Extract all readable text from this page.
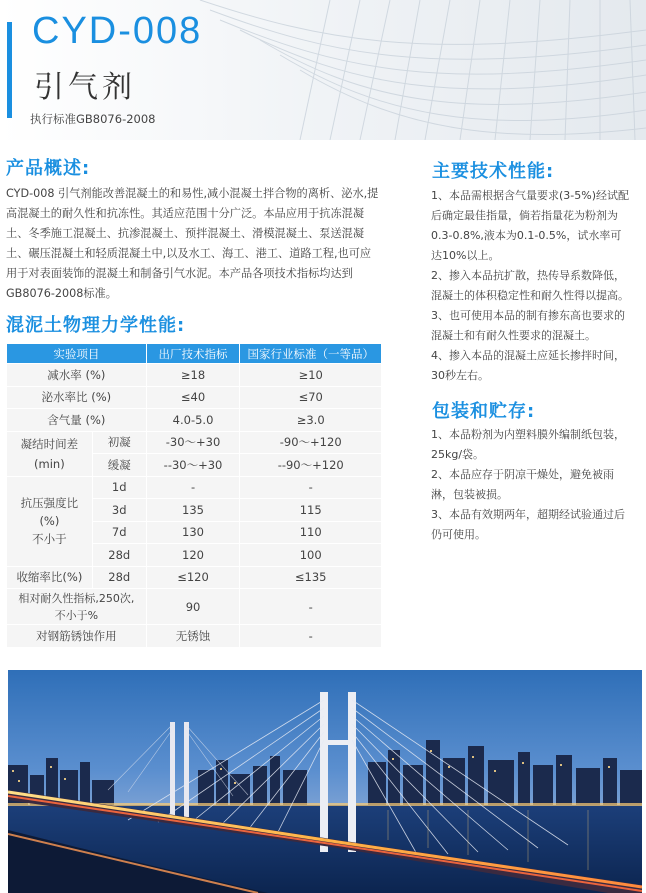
CYD-008
引气剂
执行标准GB8076-2008
产品概述:
CYD-008 引气剂能改善混凝土的和易性,减小混凝土拌合物的离析、泌水,提高混凝土的耐久性和抗冻性。其适应范围十分广泛。本品应用于抗冻混凝土、冬季施工混凝土、抗渗混凝土、预拌混凝土、滑模混凝土、泵送混凝土、碾压混凝土和轻质混凝土中,以及水工、海工、港工、道路工程,也可应用于对表面装饰的混凝土和制备引气水泥。本产品各项技术指标均达到GB8076-2008标准。
混泥土物理力学性能:
实验项目		出厂技术指标	国家行业标准（一等品）
减水率 (%)		≥18	≥10
泌水率比 (%)		≤40	≤70
含气量 (%)		4.0-5.0	≥3.0
凝结时间差
(min)	初凝	-30～+30	-90～+120
	缓凝	--30～+30	--90～+120
抗压强度比
(%)
不小于	1d	-	-
	3d	135	115
	7d	130	110
	28d	120	100
收缩率比(%)	28d	≤120	≤135
相对耐久性指标,250次,
不小于%		90	-
对钢筋锈蚀作用		无锈蚀	-
主要技术性能:

1、本品需根据含气量要求(3-5%)经试配后确定最佳指量，倘若指量花为粉剂为0.3-0.8%,液本为0.1-0.5%，试水率可达10%以上。

2、掺入本品抗扩散，热传导系数降低，混凝土的体积稳定性和耐久性得以提高。

3、也可使用本品的制有掺东高也要求的混凝土和有耐久性要求的混凝土。

4、掺入本品的混凝土应延长掺拌时间，30秒左右。

包装和贮存:

1、本品粉剂为内塑料膜外编制纸包装，25kg/袋。

2、本品应存于阴凉干燥处，避免被雨淋，包装被损。

3、本品有效期两年，超期经试验通过后仍可使用。
